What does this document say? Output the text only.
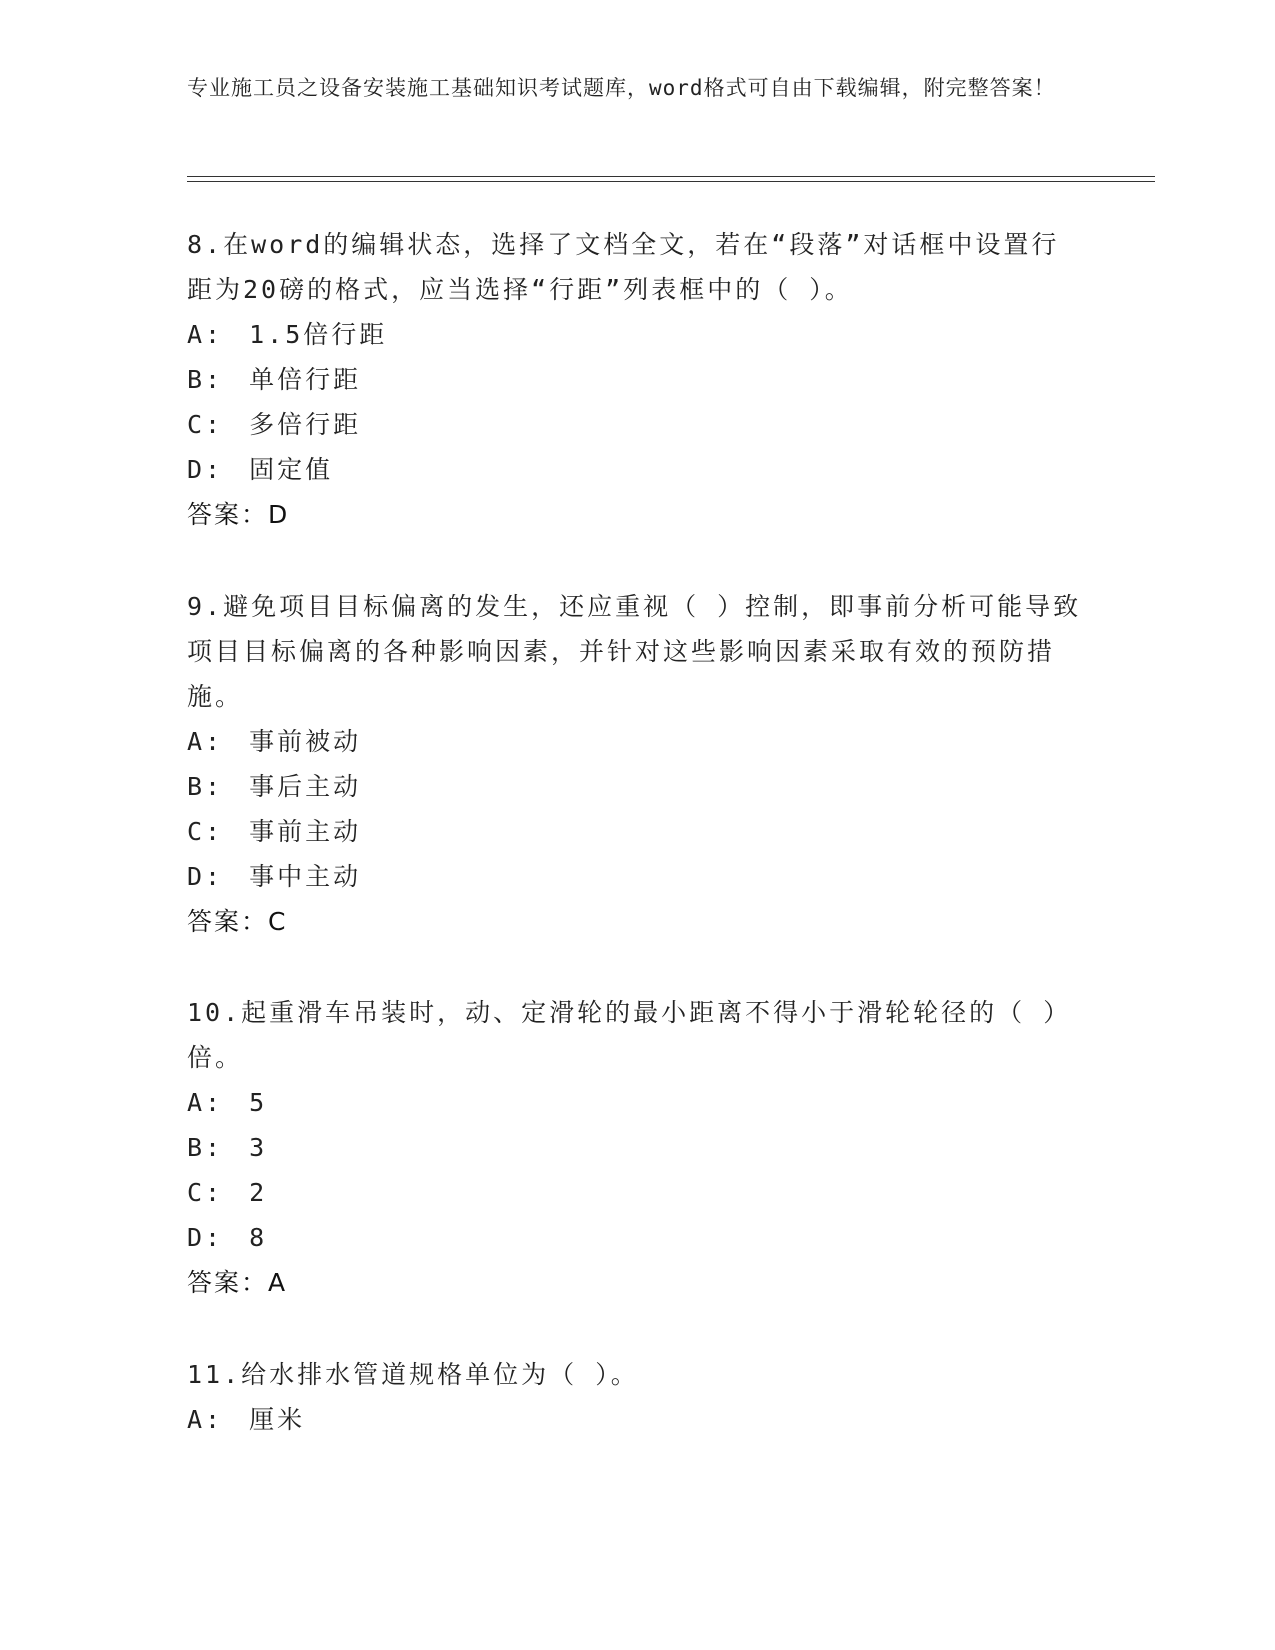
专业施工员之设备安装施工基础知识考试题库，word格式可自由下载编辑，附完整答案！

8.在word的编辑状态，选择了文档全文，若在“段落”对话框中设置行距为20磅的格式，应当选择“行距”列表框中的（ ）。

A: 1.5倍行距
B: 单倍行距
C: 多倍行距
D: 固定值
答案：D

9.避免项目目标偏离的发生，还应重视（ ）控制，即事前分析可能导致项目目标偏离的各种影响因素，并针对这些影响因素采取有效的预防措施。

A: 事前被动
B: 事后主动
C: 事前主动
D: 事中主动
答案：C

10.起重滑车吊装时，动、定滑轮的最小距离不得小于滑轮轮径的（ ）倍。

A: 5
B: 3
C: 2
D: 8
答案：A

11.给水排水管道规格单位为（ ）。

A: 厘米
